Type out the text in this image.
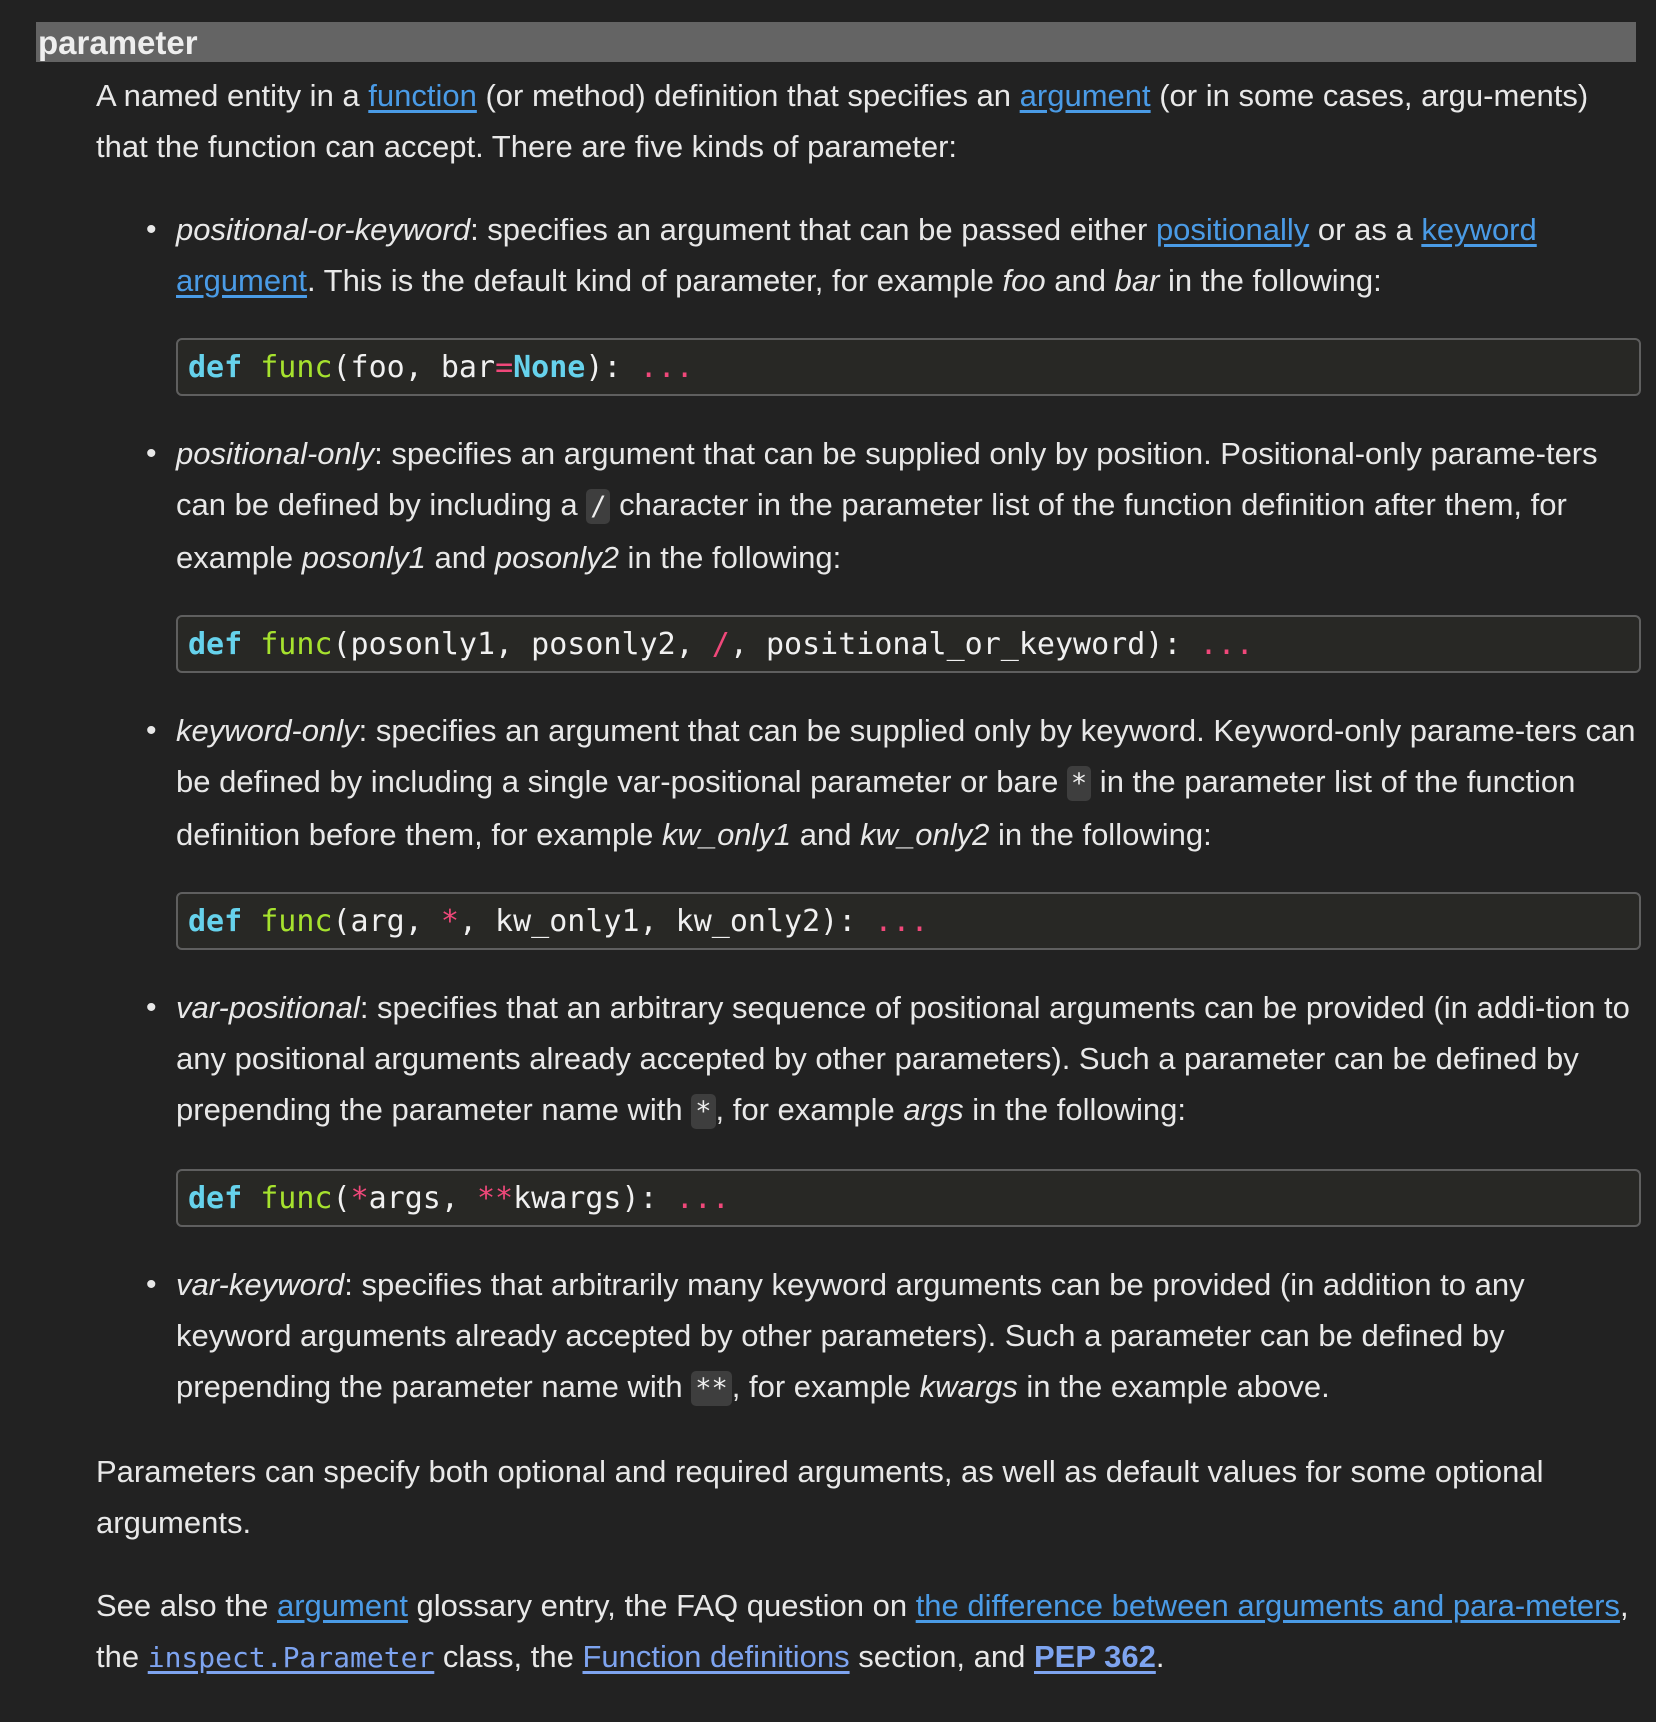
parameter

A named entity in a function (or method) definition that specifies an argument (or in some cases, argu-ments) that the function can accept. There are five kinds of parameter:

• positional-or-keyword: specifies an argument that can be passed either positionally or as a keyword argument. This is the default kind of parameter, for example foo and bar in the following:
def func(foo, bar=None): ...
• positional-only: specifies an argument that can be supplied only by position. Positional-only parame-ters can be defined by including a / character in the parameter list of the function definition after them, for example posonly1 and posonly2 in the following:
def func(posonly1, posonly2, /, positional_or_keyword): ...
• keyword-only: specifies an argument that can be supplied only by keyword. Keyword-only parame-ters can be defined by including a single var-positional parameter or bare * in the parameter list of the function definition before them, for example kw_only1 and kw_only2 in the following:
def func(arg, *, kw_only1, kw_only2): ...
• var-positional: specifies that an arbitrary sequence of positional arguments can be provided (in addi-tion to any positional arguments already accepted by other parameters). Such a parameter can be defined by prepending the parameter name with * , for example args in the following:
def func(*args, **kwargs): ...
• var-keyword: specifies that arbitrarily many keyword arguments can be provided (in addition to any keyword arguments already accepted by other parameters). Such a parameter can be defined by prepending the parameter name with ** , for example kwargs in the example above.

Parameters can specify both optional and required arguments, as well as default values for some optional arguments.

See also the argument glossary entry, the FAQ question on the difference between arguments and para-meters, the inspect.Parameter class, the Function definitions section, and PEP 362.
